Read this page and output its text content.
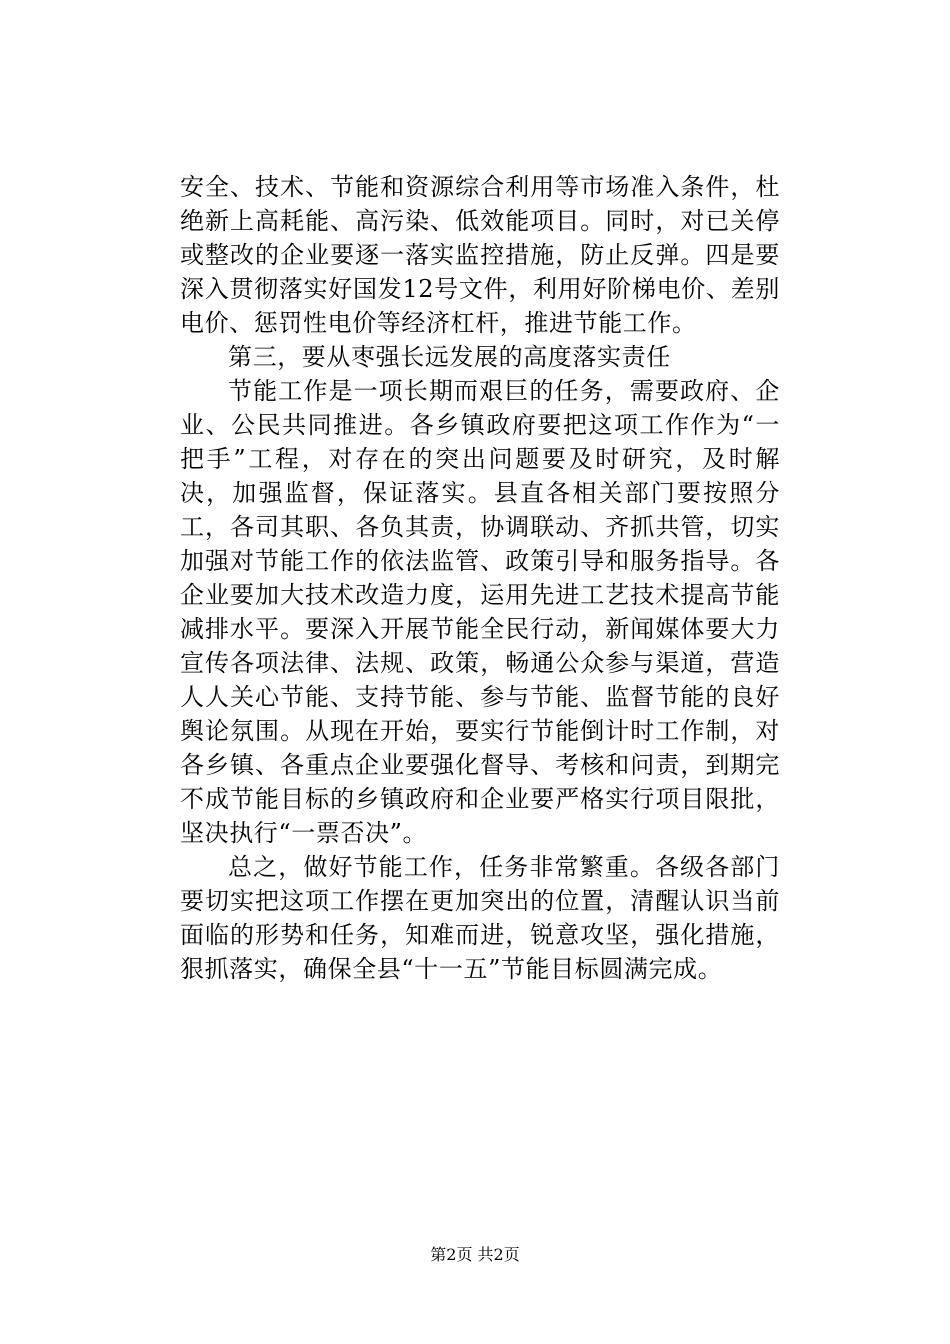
安全、技术、节能和资源综合利用等市场准入条件，杜绝新上高耗能、高污染、低效能项目。同时，对已关停或整改的企业要逐一落实监控措施，防止反弹。四是要深入贯彻落实好国发12号文件，利用好阶梯电价、差别电价、惩罚性电价等经济杠杆，推进节能工作。

第三，要从枣强长远发展的高度落实责任

节能工作是一项长期而艰巨的任务，需要政府、企业、公民共同推进。各乡镇政府要把这项工作作为“一把手”工程，对存在的突出问题要及时研究，及时解决，加强监督，保证落实。县直各相关部门要按照分工，各司其职、各负其责，协调联动、齐抓共管，切实加强对节能工作的依法监管、政策引导和服务指导。各企业要加大技术改造力度，运用先进工艺技术提高节能减排水平。要深入开展节能全民行动，新闻媒体要大力宣传各项法律、法规、政策，畅通公众参与渠道，营造人人关心节能、支持节能、参与节能、监督节能的良好舆论氛围。从现在开始，要实行节能倒计时工作制，对各乡镇、各重点企业要强化督导、考核和问责，到期完不成节能目标的乡镇政府和企业要严格实行项目限批，坚决执行“一票否决”。

总之，做好节能工作，任务非常繁重。各级各部门要切实把这项工作摆在更加突出的位置，清醒认识当前面临的形势和任务，知难而进，锐意攻坚，强化措施，狠抓落实，确保全县“十一五”节能目标圆满完成。

第2页 共2页
